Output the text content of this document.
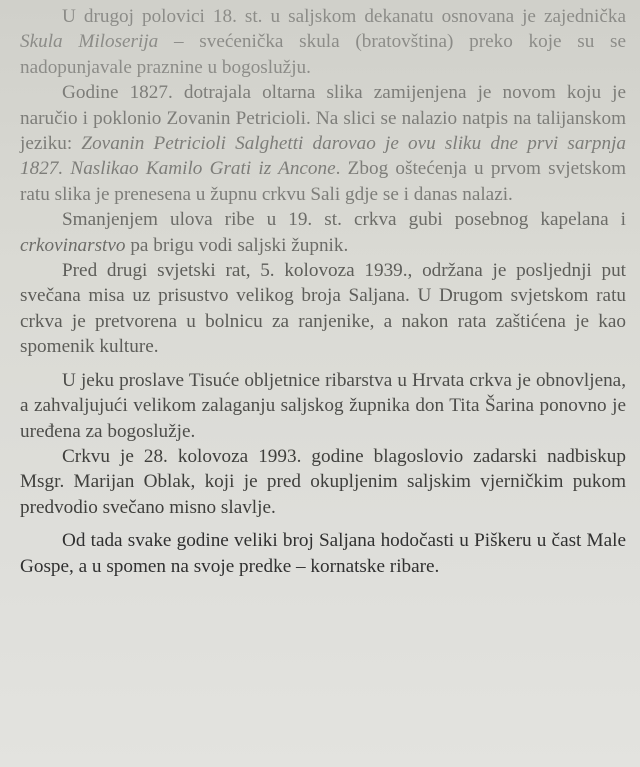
U drugoj polovici 18. st. u saljskom dekanatu osnovana je zajednička Skula Miloserija – svećenička skula (bratovština) preko koje su se nadopunjavale praznine u bogoslužju.

Godine 1827. dotrajala oltarna slika zamijenjena je novom koju je naručio i poklonio Zovanin Petricioli. Na slici se nalazio natpis na talijanskom jeziku: Zovanin Petricioli Salghetti darovao je ovu sliku dne prvi sarpnja 1827. Naslikao Kamilo Grati iz Ancone. Zbog oštećenja u prvom svjetskom ratu slika je prenesena u župnu crkvu Sali gdje se i danas nalazi.

Smanjenjem ulova ribe u 19. st. crkva gubi posebnog kapelana i crkovinarstvo pa brigu vodi saljski župnik.

Pred drugi svjetski rat, 5. kolovoza 1939., održana je posljednji put svečana misa uz prisustvo velikog broja Saljana. U Drugom svjetskom ratu crkva je pretvorena u bolnicu za ranjenike, a nakon rata zaštićena je kao spomenik kulture.

U jeku proslave Tisuće obljetnice ribarstva u Hrvata crkva je obnovljena, a zahvaljujući velikom zalaganju saljskog župnika don Tita Šarina ponovno je uređena za bogoslužje.

Crkvu je 28. kolovoza 1993. godine blagoslovio zadarski nadbiskup Msgr. Marijan Oblak, koji je pred okupljenim saljskim vjerničkim pukom predvodio svečano misno slavlje.

Od tada svake godine veliki broj Saljana hodočasti u Piškeru u čast Male Gospe, a u spomen na svoje predke – kornatske ribare.
